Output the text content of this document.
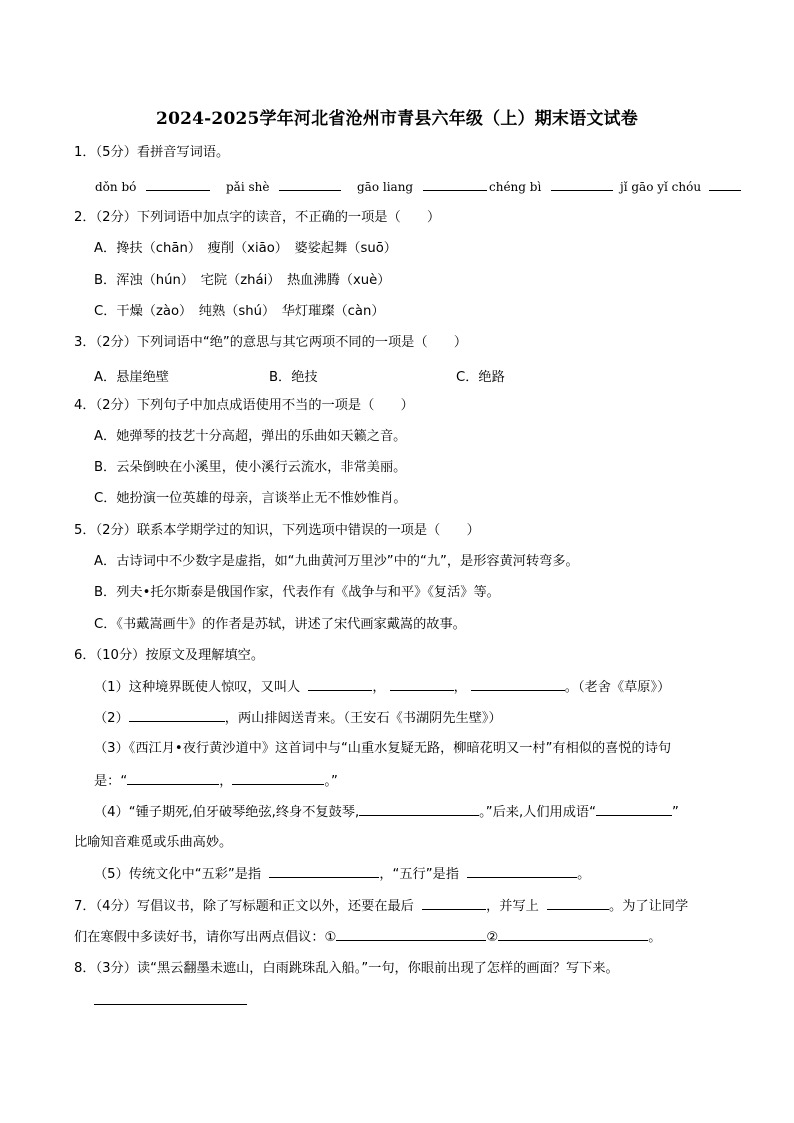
2024-2025学年河北省沧州市青县六年级（上）期末语文试卷
1．（5分）看拼音写词语。
dǒn bó	pǎi shè	gāo liang	chéng bì	jǐ gāo yǐ chóu
2．（2分）下列词语中加点字的读音，不正确的一项是（　　）
A．搀扶（chān）　瘦削（xiāo）　婆娑起舞（suō）
B．浑浊（hún）　宅院（zhái）　热血沸腾（xuè）
C．干燥（zào）　纯熟（shú）　华灯璀璨（càn）
3．（2分）下列词语中“绝”的意思与其它两项不同的一项是（　　）
A．悬崖绝壁	B．绝技	C．绝路
4．（2分）下列句子中加点成语使用不当的一项是（　　）
A．她弹琴的技艺十分高超，弹出的乐曲如天籁之音。
B．云朵倒映在小溪里，使小溪行云流水，非常美丽。
C．她扮演一位英雄的母亲，言谈举止无不惟妙惟肖。
5．（2分）联系本学期学过的知识，下列选项中错误的一项是（　　）
A．古诗词中不少数字是虚指，如“九曲黄河万里沙”中的“九”，是形容黄河转弯多。
B．列夫•托尔斯泰是俄国作家，代表作有《战争与和平》《复活》等。
C．《书戴嵩画牛》的作者是苏轼，讲述了宋代画家戴嵩的故事。
6．（10分）按原文及理解填空。
（1）这种境界既使人惊叹，又叫人	，	，	。（老舍《草原》）
（2）	，两山排闼送青来。（王安石《书湖阴先生壁》）
（3）《西江月•夜行黄沙道中》这首词中与“山重水复疑无路，柳暗花明又一村”有相似的喜悦的诗句
是：“	，	。”
（4）“锺子期死,伯牙破琴绝弦,终身不复鼓琴,	。”后来,人们用成语“	”
比喻知音难觅或乐曲高妙。
（5）传统文化中“五彩”是指	，“五行”是指	。
7．（4分）写倡议书，除了写标题和正文以外，还要在最后	，并写上	。为了让同学
们在寒假中多读好书，请你写出两点倡议：①	②	。
8．（3分）读“黑云翻墨未遮山，白雨跳珠乱入船。”一句，你眼前出现了怎样的画面？写下来。
